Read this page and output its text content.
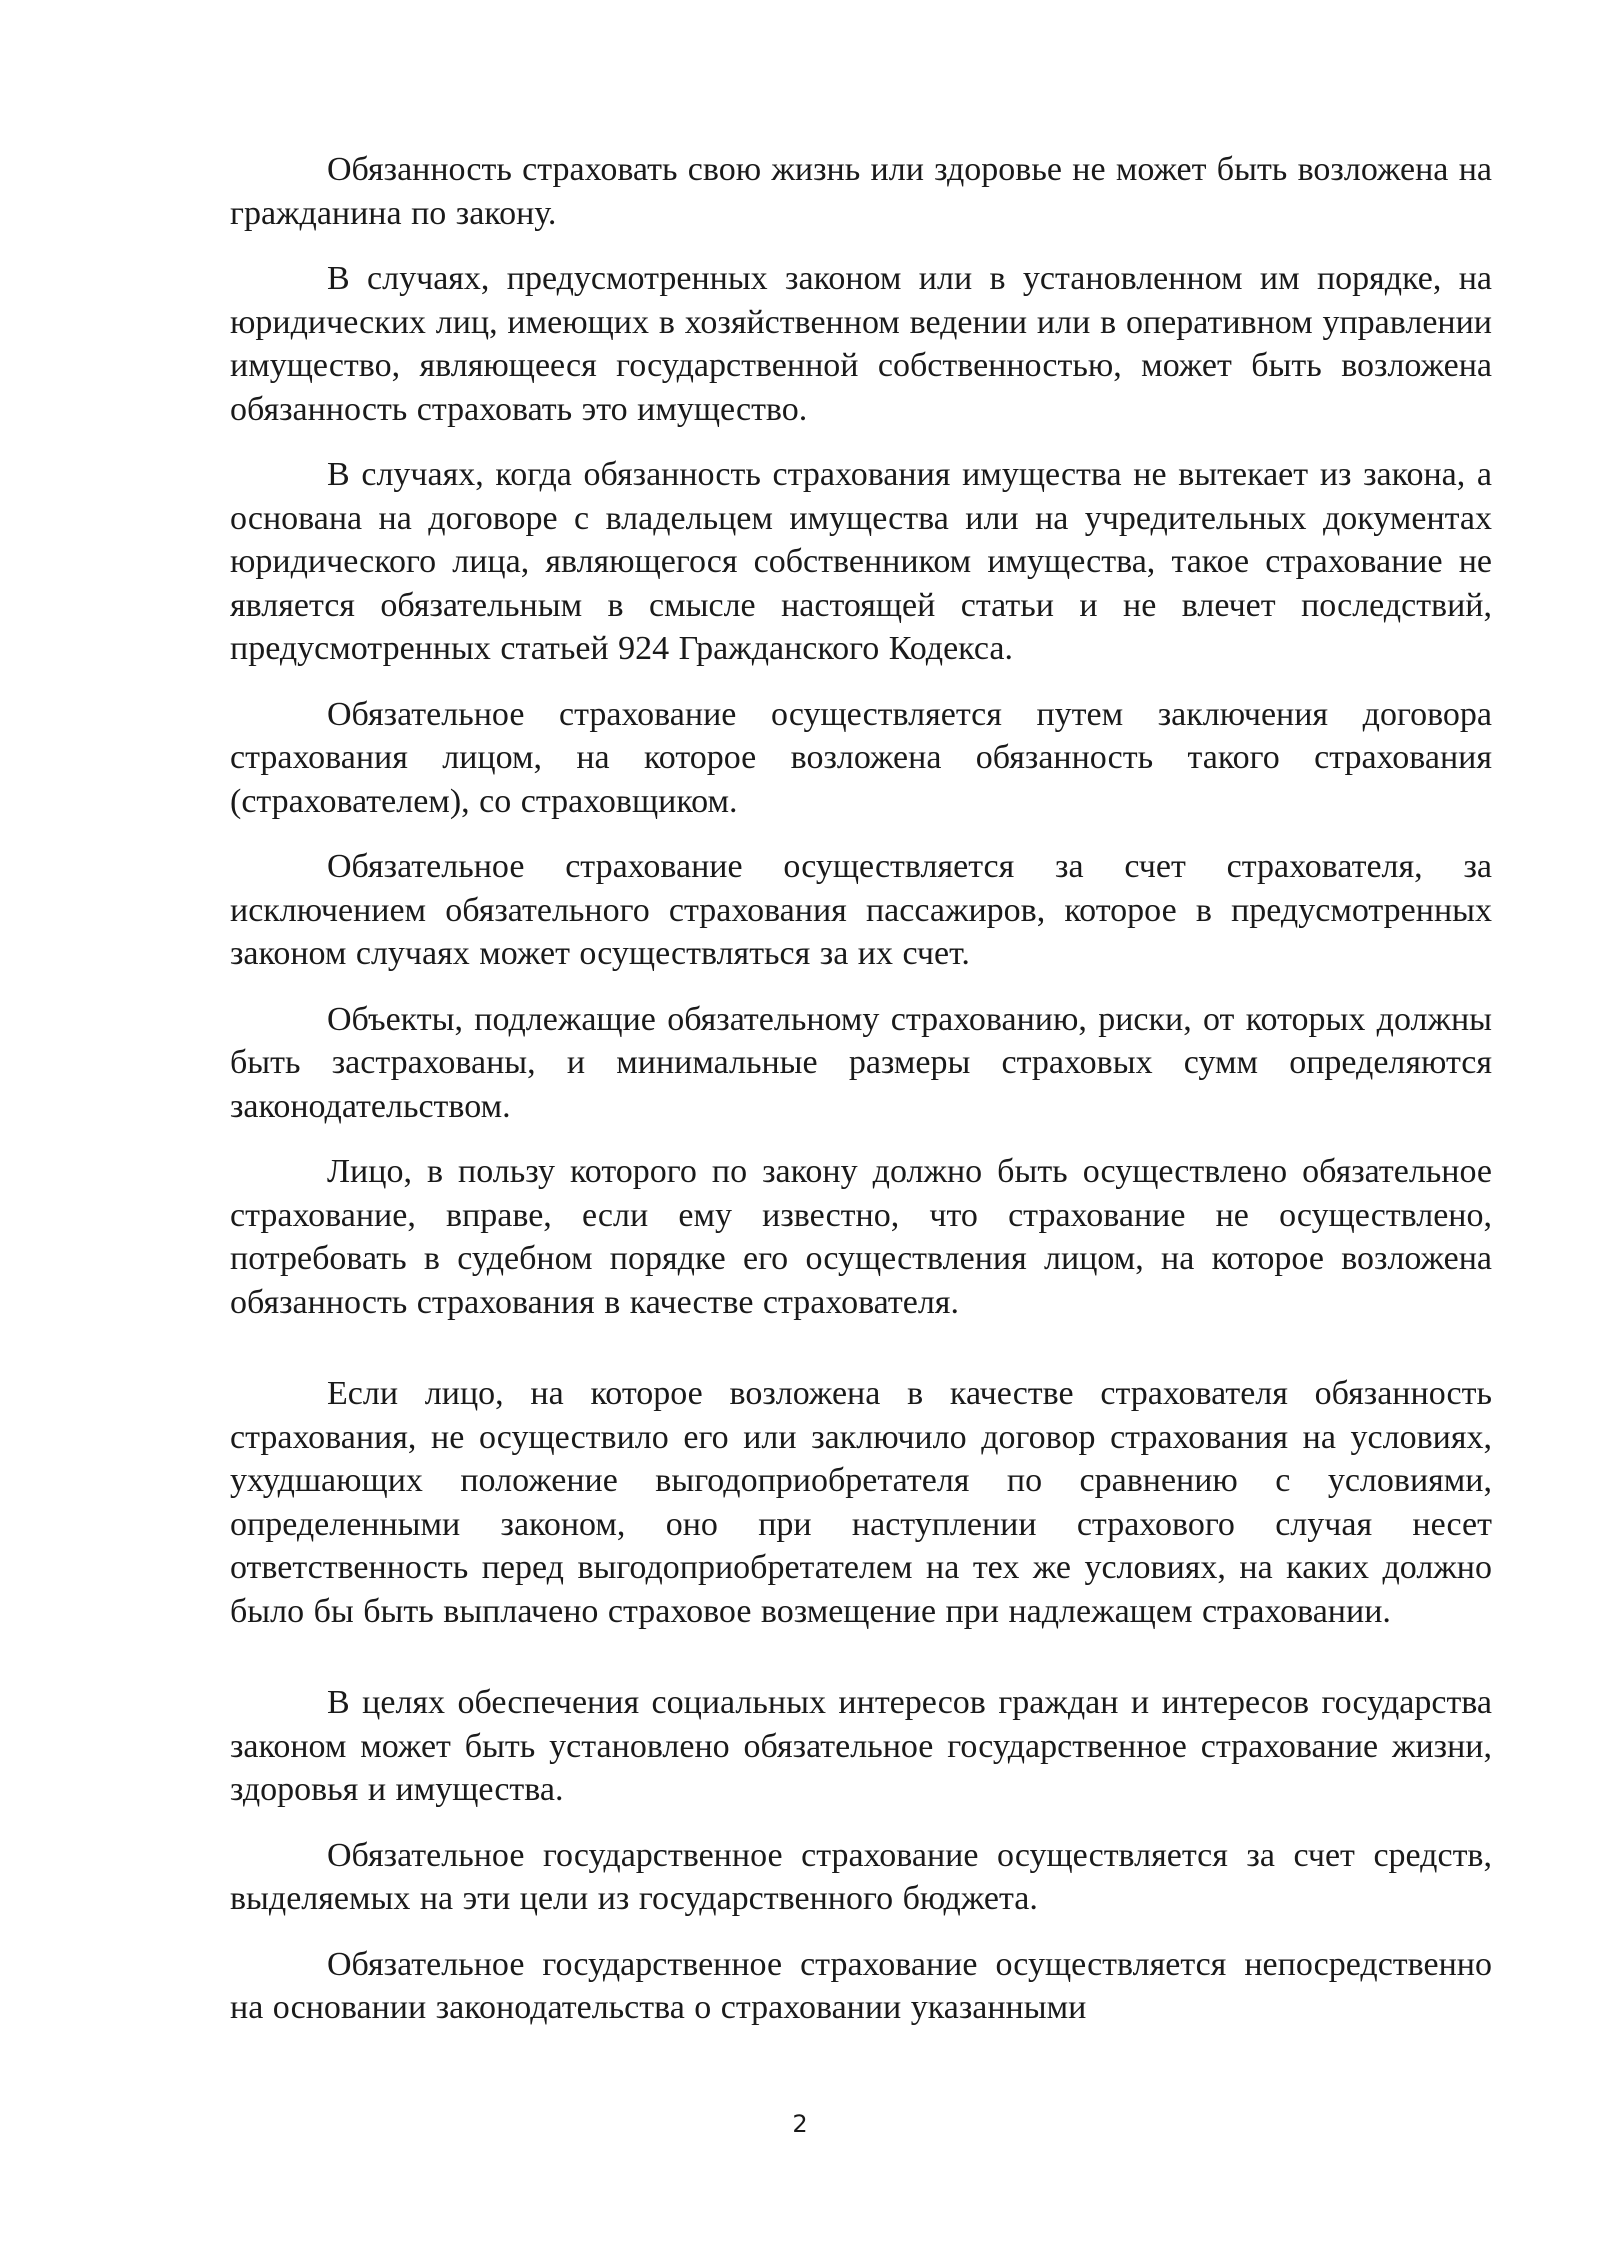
Обязанность страховать свою жизнь или здоровье не может быть возложена на гражданина по закону.

В случаях, предусмотренных законом или в установленном им порядке, на юридических лиц, имеющих в хозяйственном ведении или в оперативном управлении имущество, являющееся государственной собственностью, может быть возложена обязанность страховать это имущество.

В случаях, когда обязанность страхования имущества не вытекает из закона, а основана на договоре с владельцем имущества или на учредительных документах юридического лица, являющегося собственником имущества, такое страхование не является обязательным в смысле настоящей статьи и не влечет последствий, предусмотренных статьей 924 Гражданского Кодекса.

Обязательное страхование осуществляется путем заключения договора страхования лицом, на которое возложена обязанность такого страхования (страхователем), со страховщиком.

Обязательное страхование осуществляется за счет страхователя, за исключением обязательного страхования пассажиров, которое в предусмотренных законом случаях может осуществляться за их счет.

Объекты, подлежащие обязательному страхованию, риски, от которых должны быть застрахованы, и минимальные размеры страховых сумм определяются законодательством.

Лицо, в пользу которого по закону должно быть осуществлено обязательное страхование, вправе, если ему известно, что страхование не осуществлено, потребовать в судебном порядке его осуществления лицом, на которое возложена обязанность страхования в качестве страхователя.

Если лицо, на которое возложена в качестве страхователя обязанность страхования, не осуществило его или заключило договор страхования на условиях, ухудшающих положение выгодоприобретателя по сравнению с условиями, определенными законом, оно при наступлении страхового случая несет ответственность перед выгодоприобретателем на тех же условиях, на каких должно было бы быть выплачено страховое возмещение при надлежащем страховании.

В целях обеспечения социальных интересов граждан и интересов государства законом может быть установлено обязательное государственное страхование жизни, здоровья и имущества.

Обязательное государственное страхование осуществляется за счет средств, выделяемых на эти цели из государственного бюджета.

Обязательное государственное страхование осуществляется непосредственно на основании законодательства о страховании указанными

2
